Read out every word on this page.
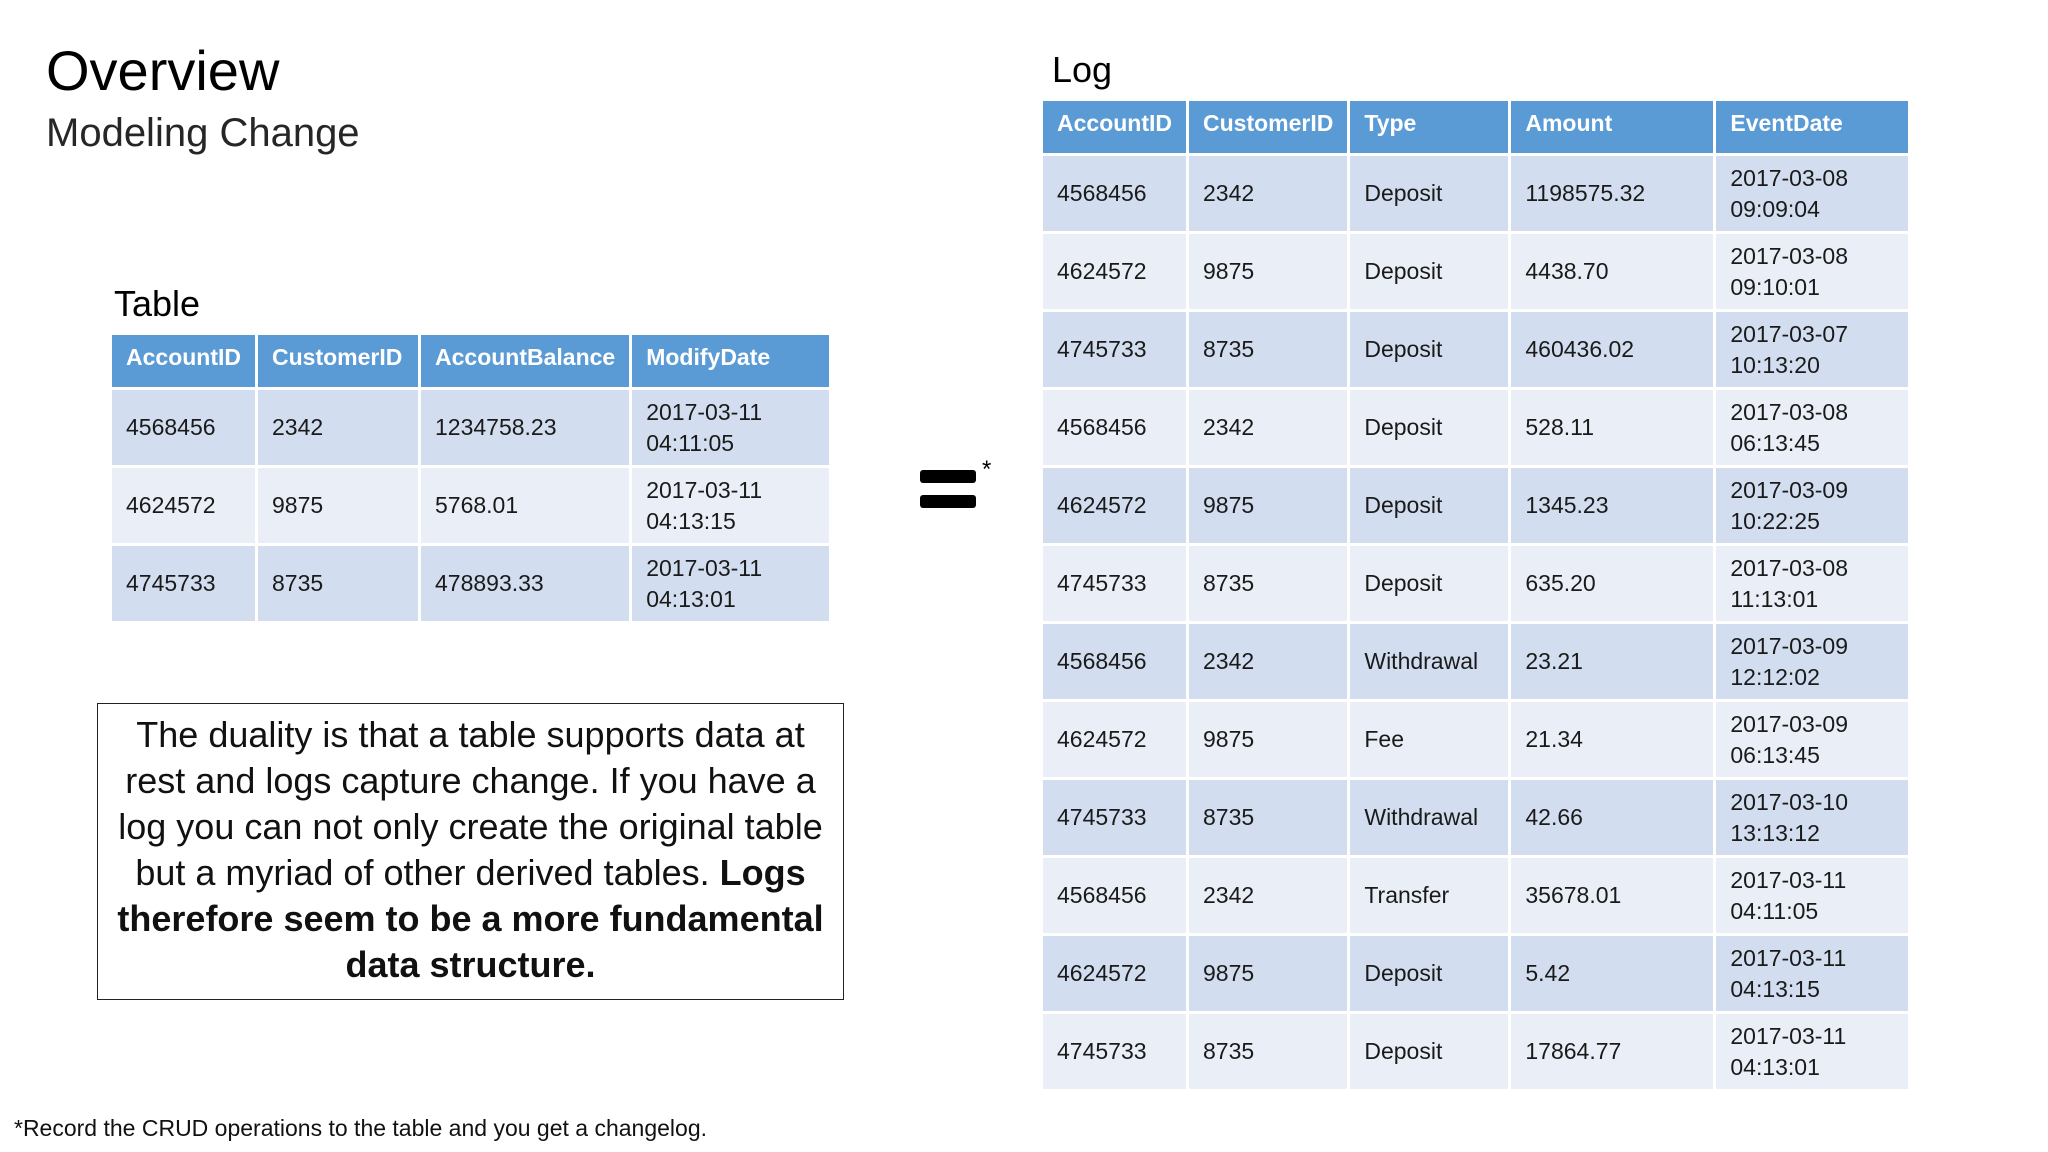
Overview
Modeling Change
Table
AccountID	CustomerID	AccountBalance	ModifyDate
4568456	2342	1234758.23	2017-03-11
04:11:05
4624572	9875	5768.01	2017-03-11
04:13:15
4745733	8735	478893.33	2017-03-11
04:13:01
*
Log
AccountID	CustomerID	Type	Amount	EventDate
4568456	2342	Deposit	1198575.32	2017-03-08
09:09:04
4624572	9875	Deposit	4438.70	2017-03-08
09:10:01
4745733	8735	Deposit	460436.02	2017-03-07
10:13:20
4568456	2342	Deposit	528.11	2017-03-08
06:13:45
4624572	9875	Deposit	1345.23	2017-03-09
10:22:25
4745733	8735	Deposit	635.20	2017-03-08
11:13:01
4568456	2342	Withdrawal	23.21	2017-03-09
12:12:02
4624572	9875	Fee	21.34	2017-03-09
06:13:45
4745733	8735	Withdrawal	42.66	2017-03-10
13:13:12
4568456	2342	Transfer	35678.01	2017-03-11
04:11:05
4624572	9875	Deposit	5.42	2017-03-11
04:13:15
4745733	8735	Deposit	17864.77	2017-03-11
04:13:01
The duality is that a table supports data at rest and logs capture change. If you have a log you can not only create the original table but a myriad of other derived tables. Logs therefore seem to be a more fundamental data structure.
*Record the CRUD operations to the table and you get a changelog.
